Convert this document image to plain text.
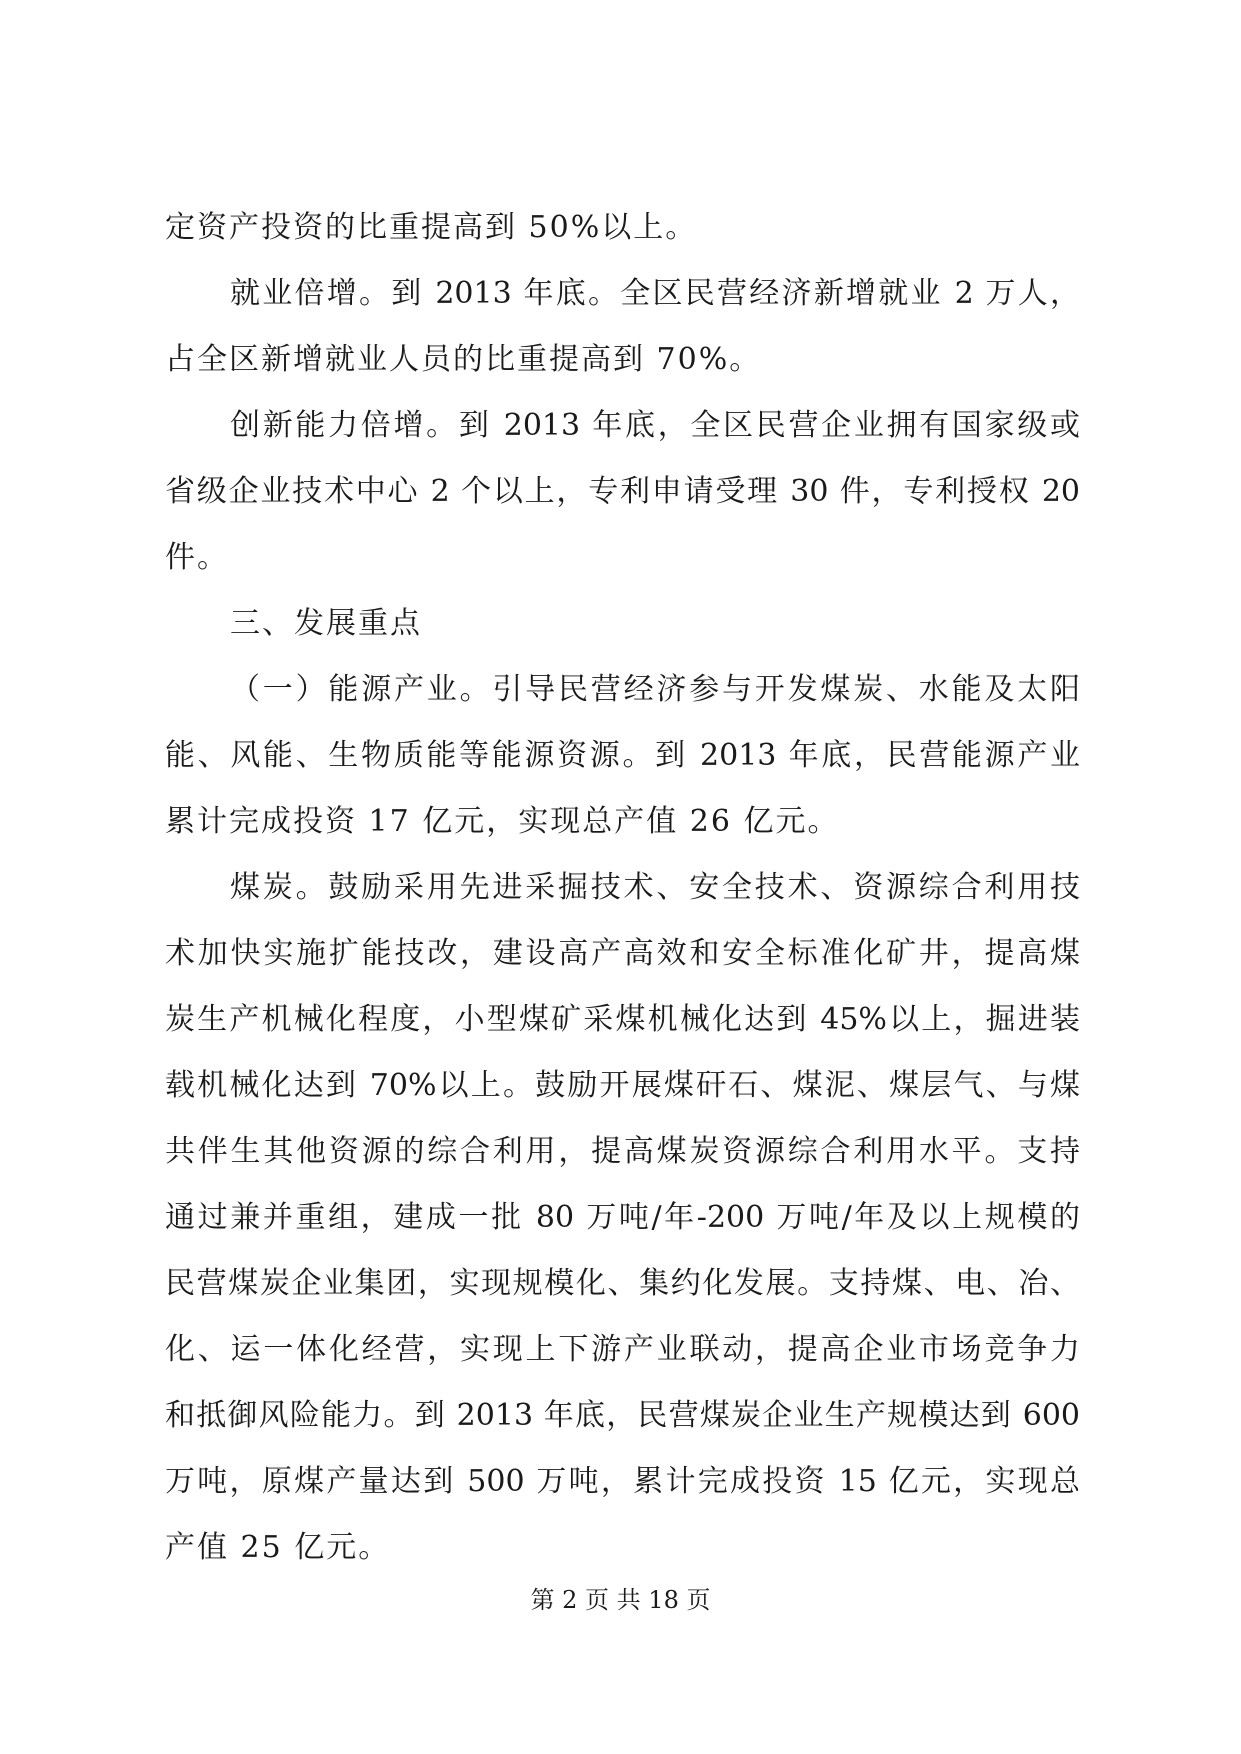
定资产投资的比重提高到 50%以上。
就业倍增。到 2013 年底。全区民营经济新增就业 2 万人，
占全区新增就业人员的比重提高到 70%。
创新能力倍增。到 2013 年底，全区民营企业拥有国家级或
省级企业技术中心 2 个以上，专利申请受理 30 件，专利授权 20
件。
三、发展重点
（一）能源产业。引导民营经济参与开发煤炭、水能及太阳
能、风能、生物质能等能源资源。到 2013 年底，民营能源产业
累计完成投资 17 亿元，实现总产值 26 亿元。
煤炭。鼓励采用先进采掘技术、安全技术、资源综合利用技
术加快实施扩能技改，建设高产高效和安全标准化矿井，提高煤
炭生产机械化程度，小型煤矿采煤机械化达到 45%以上，掘进装
载机械化达到 70%以上。鼓励开展煤矸石、煤泥、煤层气、与煤
共伴生其他资源的综合利用，提高煤炭资源综合利用水平。支持
通过兼并重组，建成一批 80 万吨/年-200 万吨/年及以上规模的
民营煤炭企业集团，实现规模化、集约化发展。支持煤、电、冶、
化、运一体化经营，实现上下游产业联动，提高企业市场竞争力
和抵御风险能力。到 2013 年底，民营煤炭企业生产规模达到 600
万吨，原煤产量达到 500 万吨，累计完成投资 15 亿元，实现总
产值 25 亿元。
第 2 页 共 18 页
